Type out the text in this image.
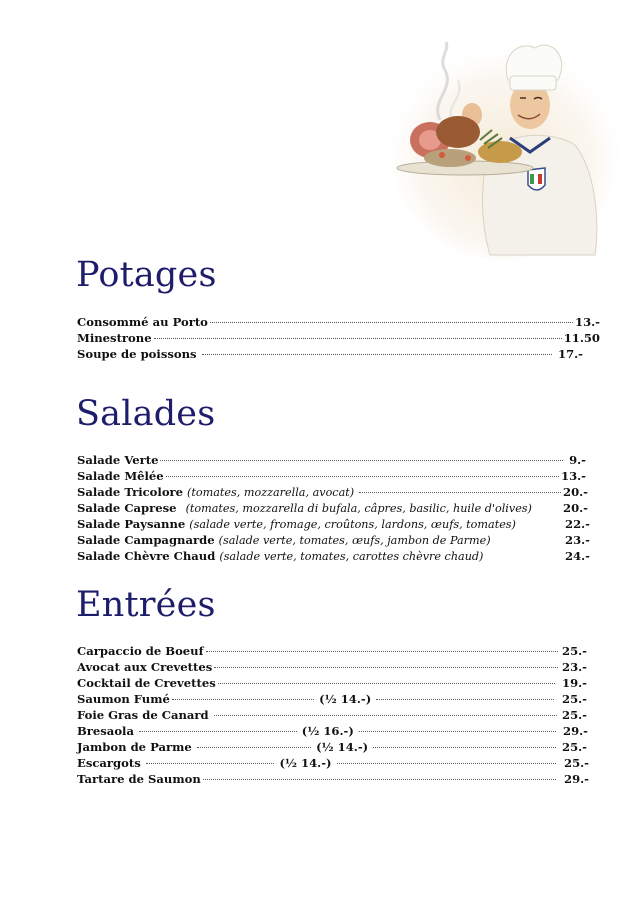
Potages
Consommé au Porto	13.-
Minestrone	11.50
Soupe de poissons	17.-
Salades
Salade Verte	9.-
Salade Mêlée	13.-
Salade Tricolore (tomates, mozzarella, avocat)	20.-
Salade Caprese (tomates, mozzarella di bufala, câpres, basilic, huile d'olives)	20.-
Salade Paysanne (salade verte, fromage, croûtons, lardons, œufs, tomates)	22.-
Salade Campagnarde (salade verte, tomates, œufs, jambon de Parme)	23.-
Salade Chèvre Chaud (salade verte, tomates, carottes chèvre chaud)	24.-
Entrées
Carpaccio de Boeuf	25.-
Avocat aux Crevettes	23.-
Cocktail de Crevettes	19.-
Saumon Fumé	(½ 14.-)	25.-
Foie Gras de Canard	25.-
Bresaola	(½ 16.-)	29.-
Jambon de Parme	(½ 14.-)	25.-
Escargots	(½ 14.-)	25.-
Tartare de Saumon	29.-
